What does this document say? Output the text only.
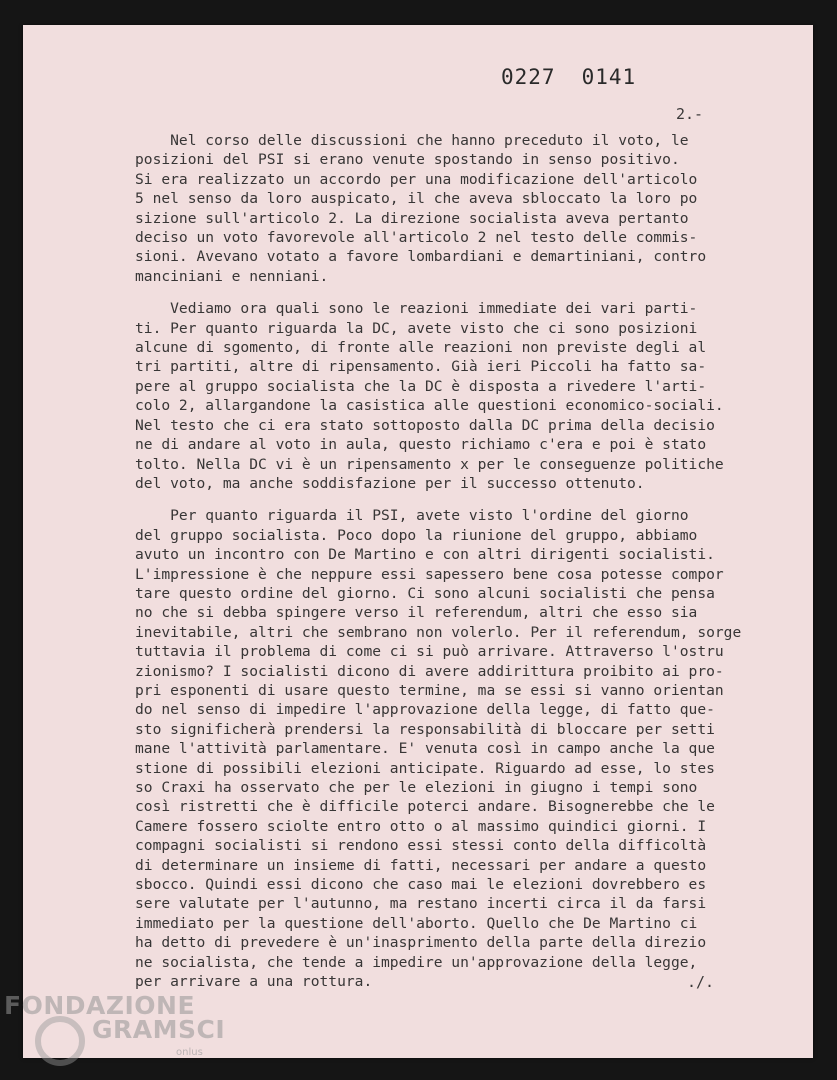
0227 0141
2.-

Nel corso delle discussioni che hanno preceduto il voto, le
posizioni del PSI si erano venute spostando in senso positivo.
Si era realizzato un accordo per una modificazione dell'articolo
5 nel senso da loro auspicato, il che aveva sbloccato la loro po
sizione sull'articolo 2. La direzione socialista aveva pertanto
deciso un voto favorevole all'articolo 2 nel testo delle commis-
sioni. Avevano votato a favore lombardiani e demartiniani, contro
manciniani e nenniani.

Vediamo ora quali sono le reazioni immediate dei vari parti-
ti. Per quanto riguarda la DC, avete visto che ci sono posizioni
alcune di sgomento, di fronte alle reazioni non previste degli al
tri partiti, altre di ripensamento. Già ieri Piccoli ha fatto sa-
pere al gruppo socialista che la DC è disposta a rivedere l'arti-
colo 2, allargandone la casistica alle questioni economico-sociali.
Nel testo che ci era stato sottoposto dalla DC prima della decisio
ne di andare al voto in aula, questo richiamo c'era e poi è stato
tolto. Nella DC vi è un ripensamento x per le conseguenze politiche
del voto, ma anche soddisfazione per il successo ottenuto.

Per quanto riguarda il PSI, avete visto l'ordine del giorno
del gruppo socialista. Poco dopo la riunione del gruppo, abbiamo
avuto un incontro con De Martino e con altri dirigenti socialisti.
L'impressione è che neppure essi sapessero bene cosa potesse compor
tare questo ordine del giorno. Ci sono alcuni socialisti che pensa
no che si debba spingere verso il referendum, altri che esso sia
inevitabile, altri che sembrano non volerlo. Per il referendum, sorge
tuttavia il problema di come ci si può arrivare. Attraverso l'ostru
zionismo? I socialisti dicono di avere addirittura proibito ai pro-
pri esponenti di usare questo termine, ma se essi si vanno orientan
do nel senso di impedire l'approvazione della legge, di fatto que-
sto significherà prendersi la responsabilità di bloccare per setti
mane l'attività parlamentare. E' venuta così in campo anche la que
stione di possibili elezioni anticipate. Riguardo ad esse, lo stes
so Craxi ha osservato che per le elezioni in giugno i tempi sono
così ristretti che è difficile poterci andare. Bisognerebbe che le
Camere fossero sciolte entro otto o al massimo quindici giorni. I
compagni socialisti si rendono essi stessi conto della difficoltà
di determinare un insieme di fatti, necessari per andare a questo
sbocco. Quindi essi dicono che caso mai le elezioni dovrebbero es
sere valutate per l'autunno, ma restano incerti circa il da farsi
immediato per la questione dell'aborto. Quello che De Martino ci
ha detto di prevedere è un'inasprimento della parte della direzio
ne socialista, che tende a impedire un'approvazione della legge,
per arrivare a una rottura.	./.
FONDAZIONE
GRAMSCI
onlus
